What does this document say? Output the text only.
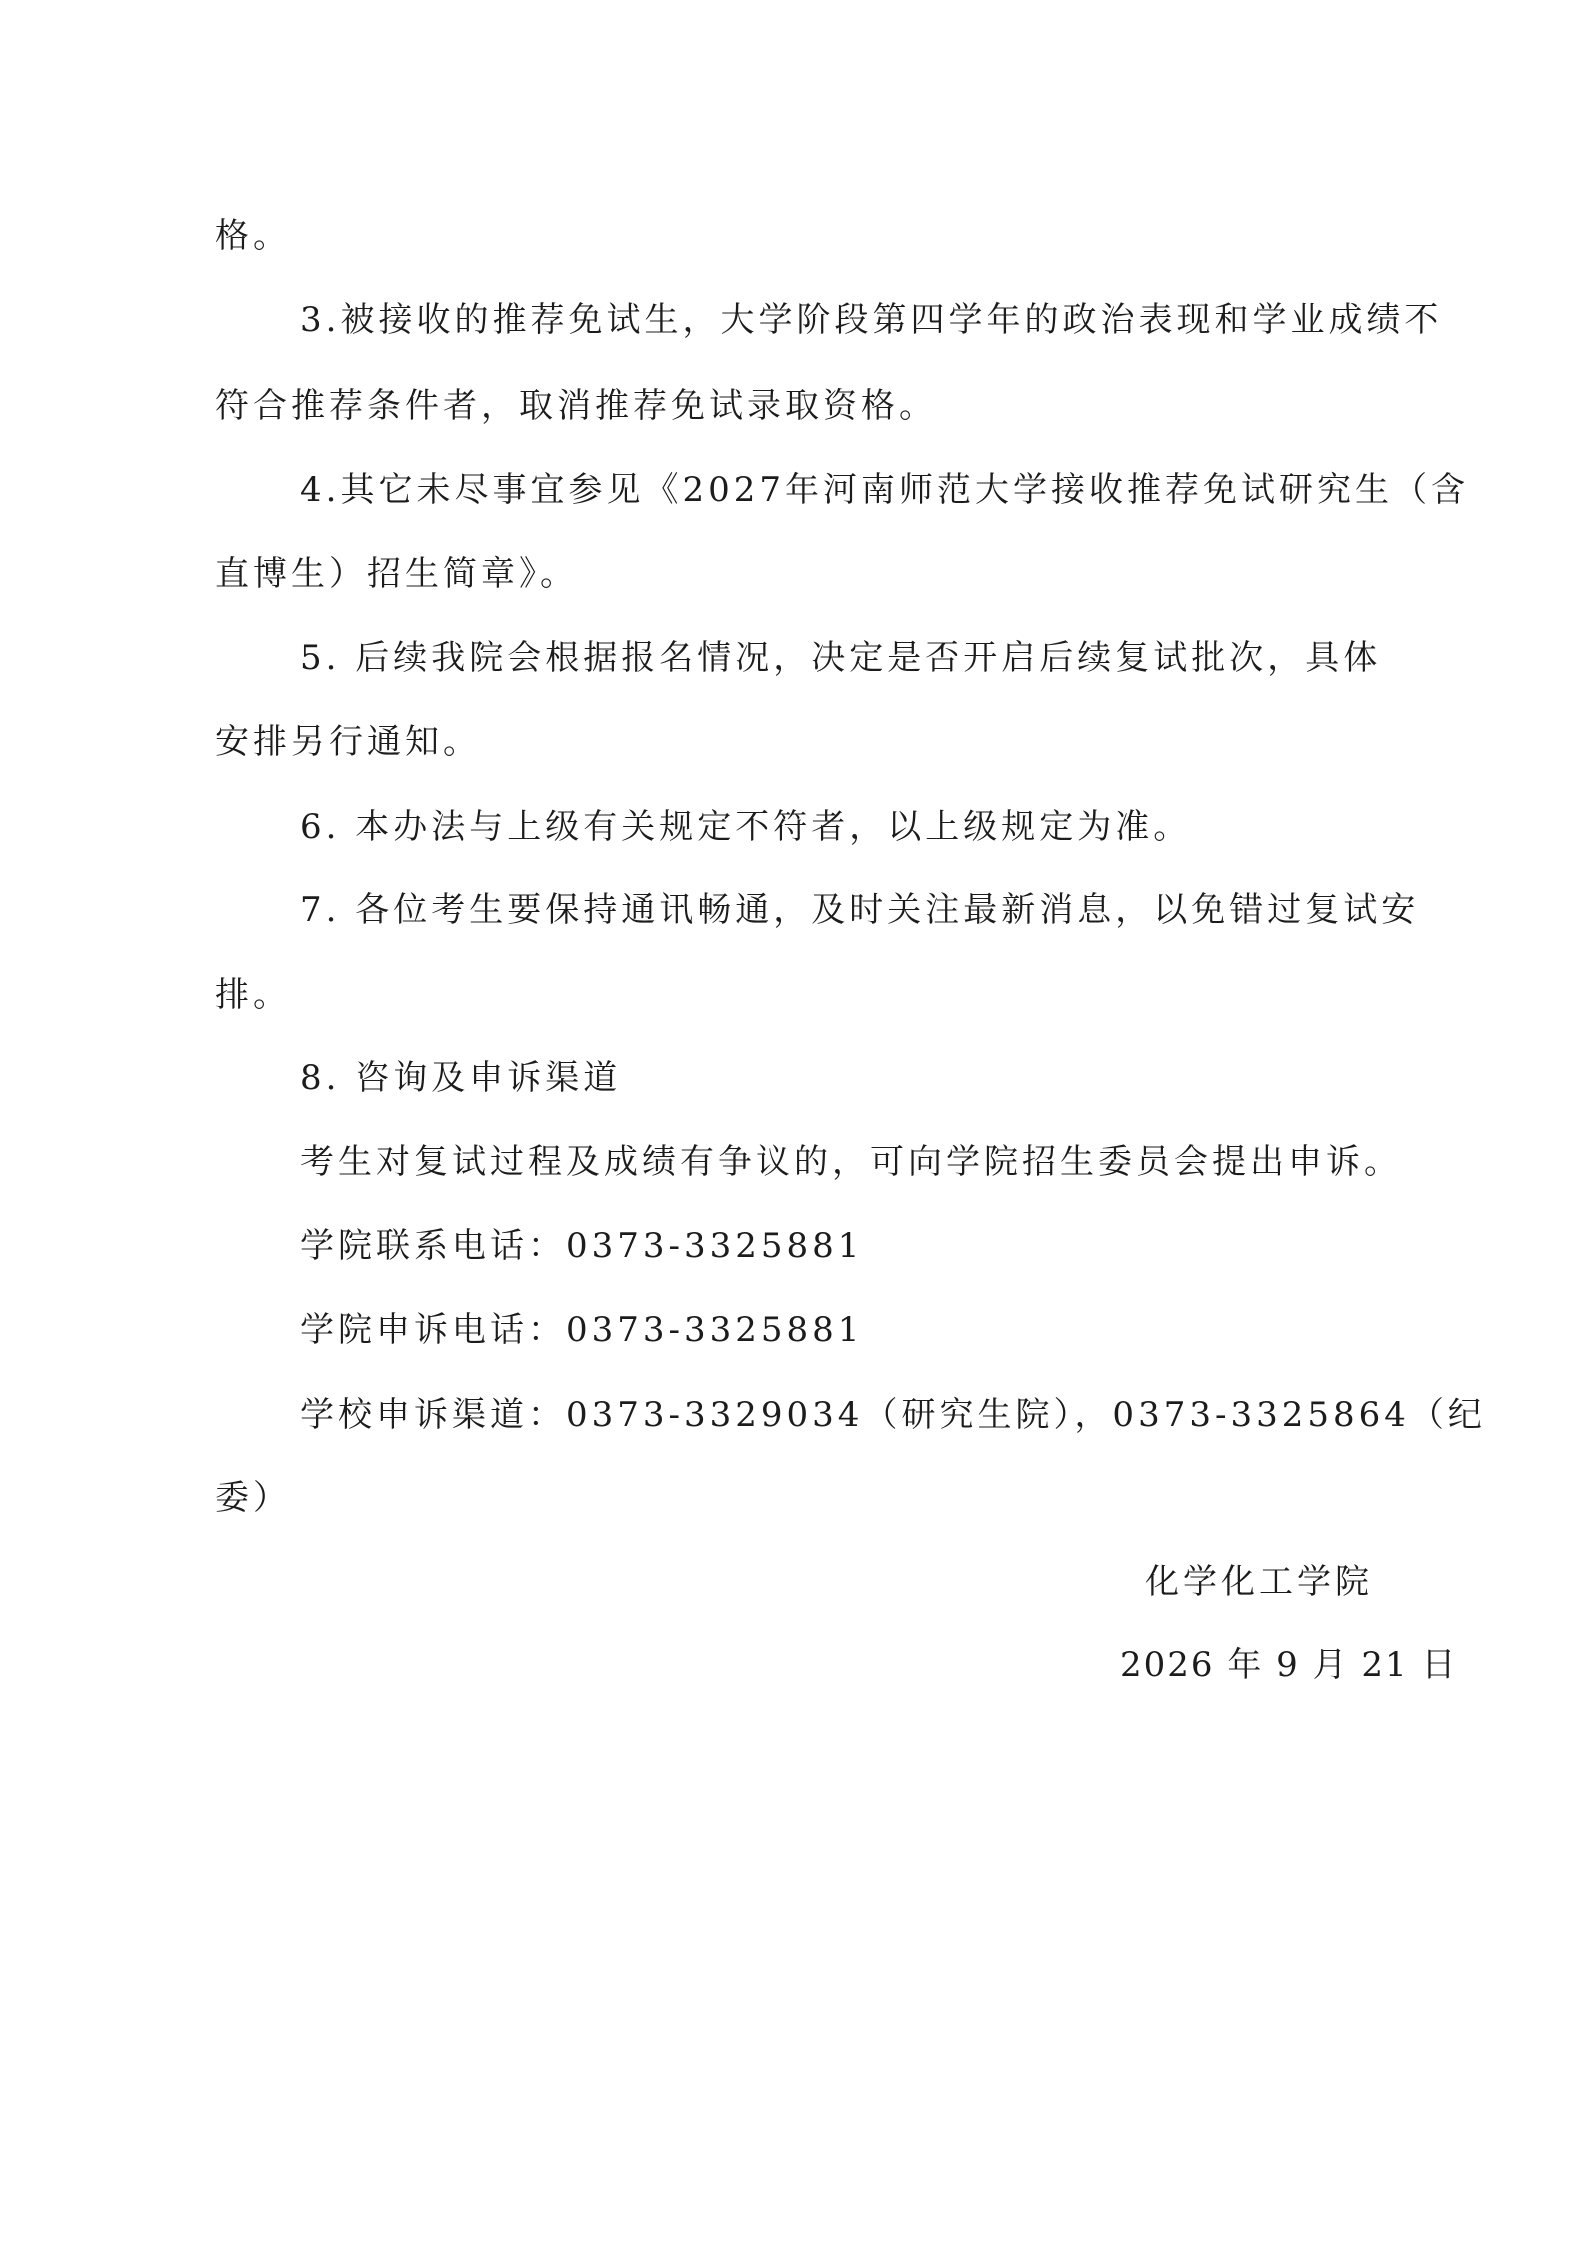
格。
3.被接收的推荐免试生，大学阶段第四学年的政治表现和学业成绩不
符合推荐条件者，取消推荐免试录取资格。
4.其它未尽事宜参见《2027年河南师范大学接收推荐免试研究生（含
直博生）招生简章》。
5. 后续我院会根据报名情况，决定是否开启后续复试批次，具体
安排另行通知。
6. 本办法与上级有关规定不符者，以上级规定为准。
7. 各位考生要保持通讯畅通，及时关注最新消息，以免错过复试安
排。
8. 咨询及申诉渠道
考生对复试过程及成绩有争议的，可向学院招生委员会提出申诉。
学院联系电话：0373-3325881
学院申诉电话：0373-3325881
学校申诉渠道：0373-3329034（研究生院），0373-3325864（纪
委）
化学化工学院
2026 年 9 月 21 日
